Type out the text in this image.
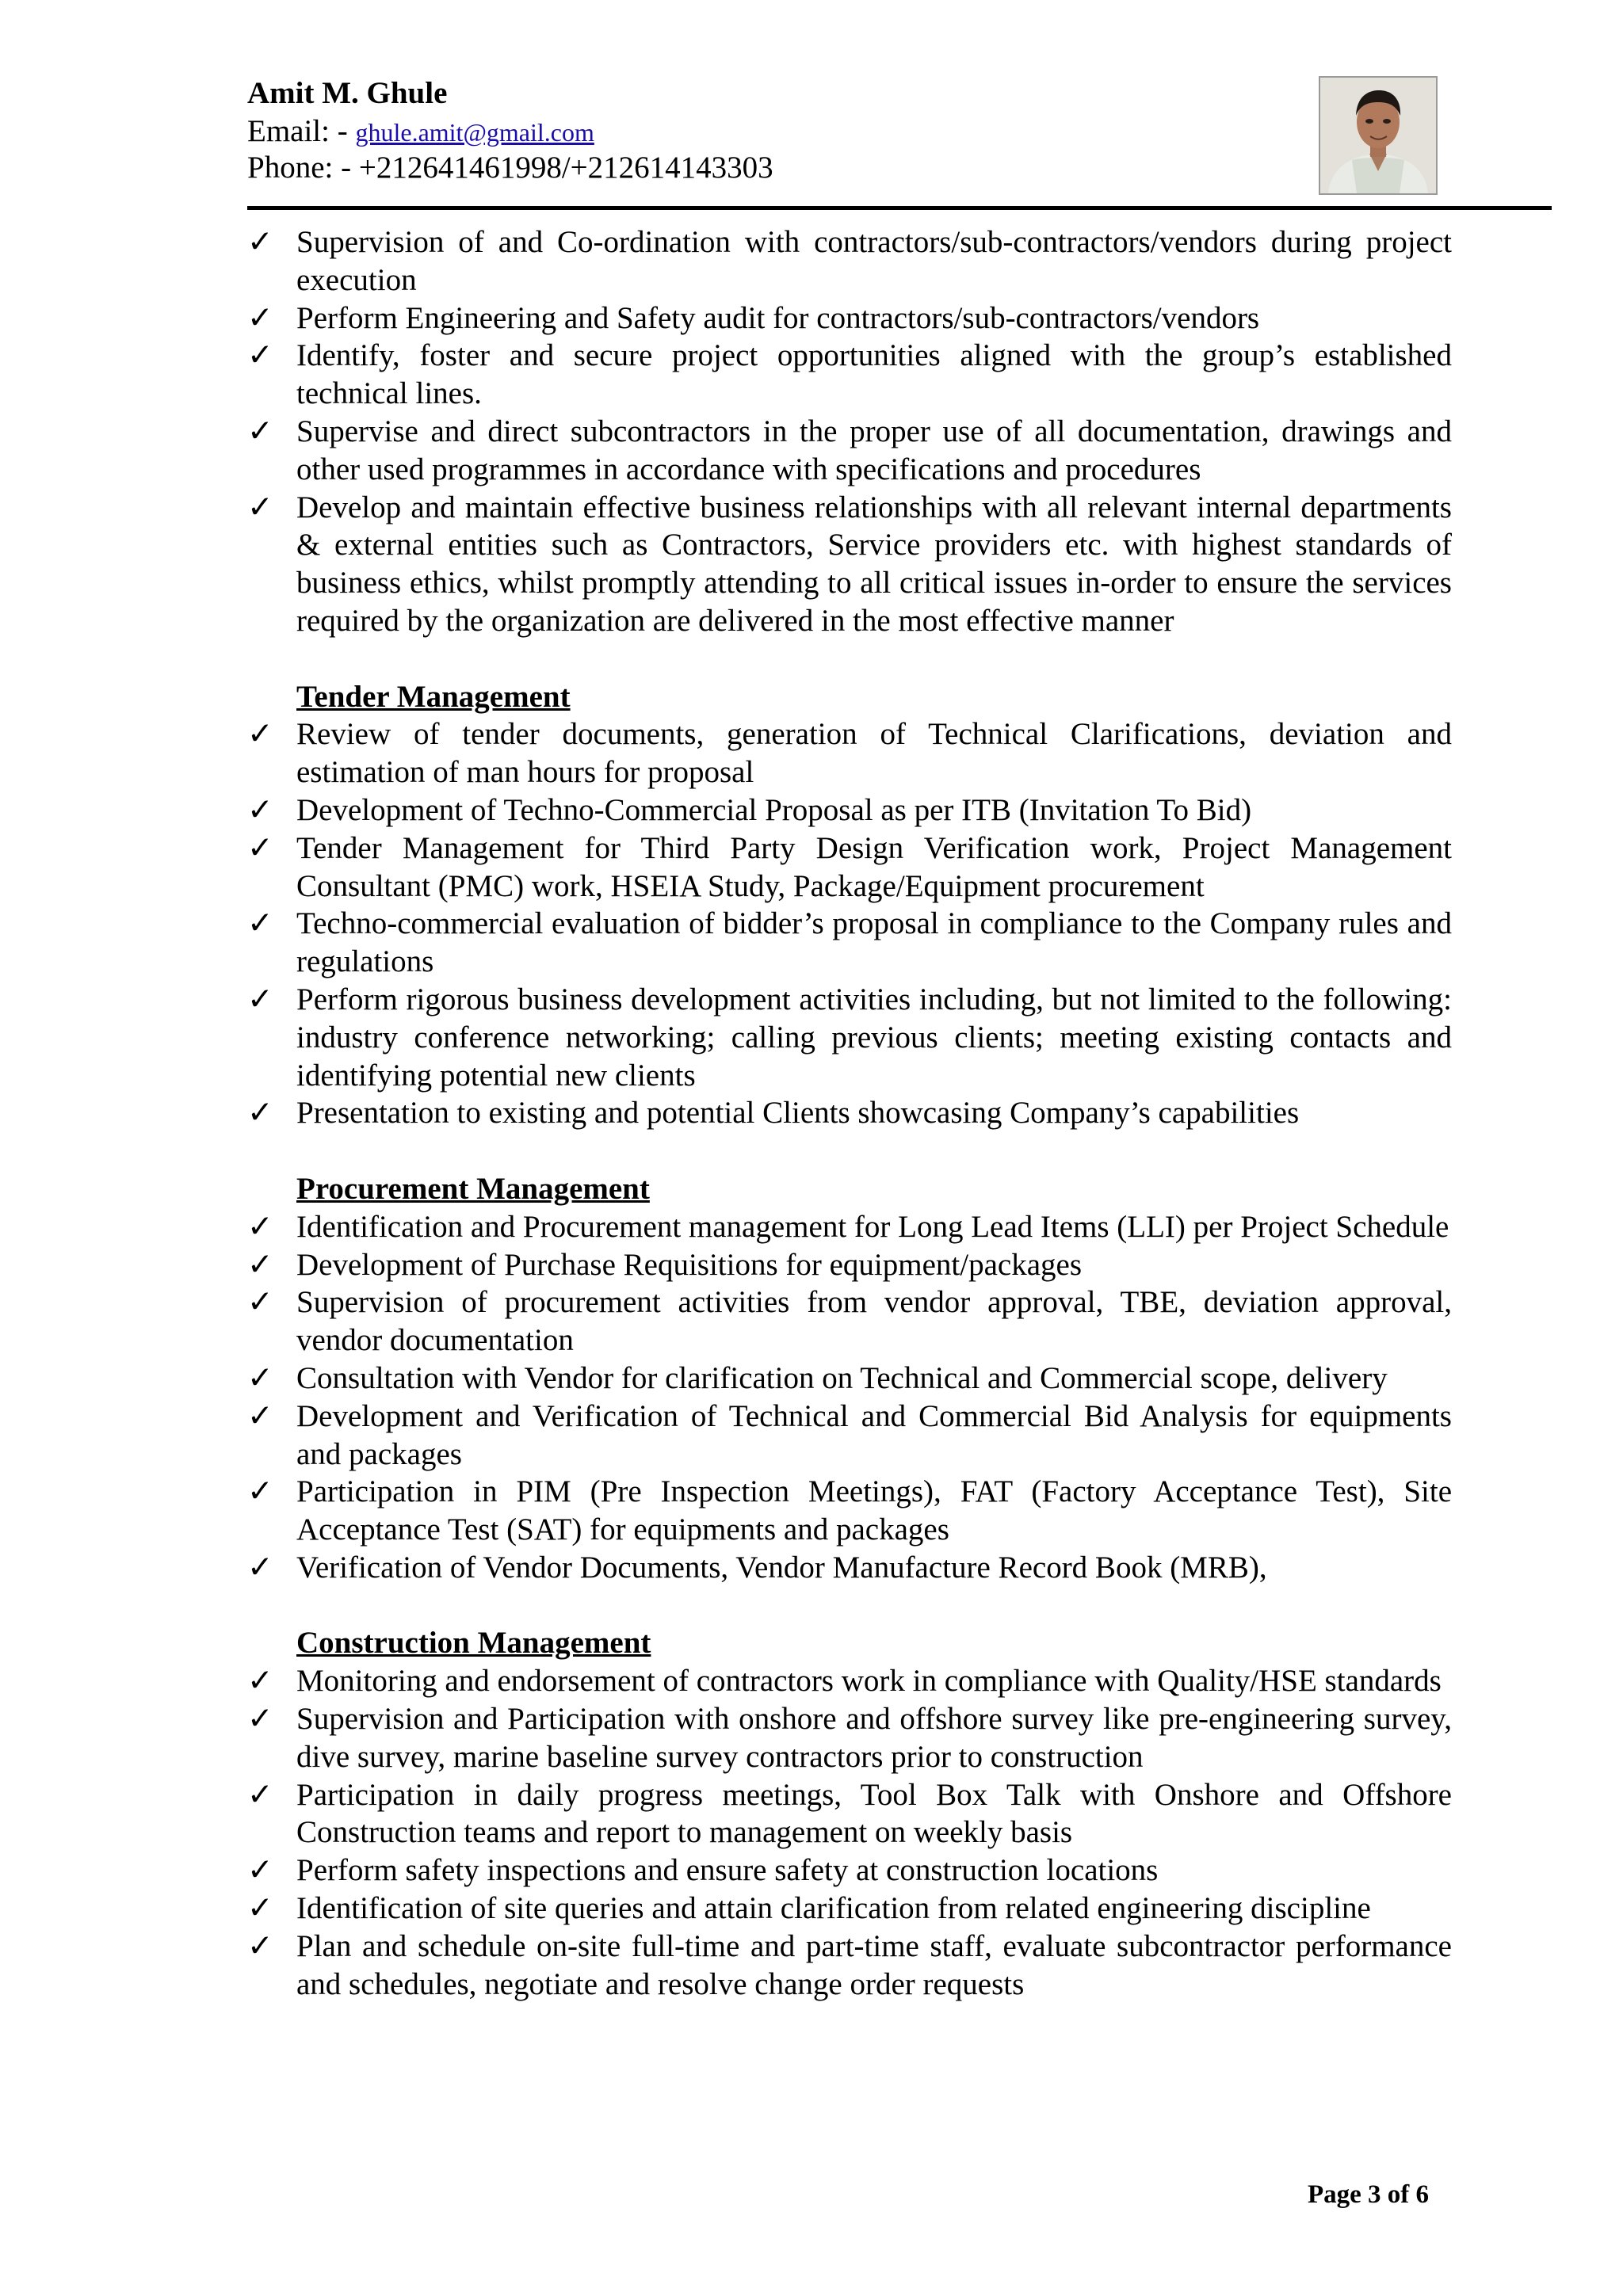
Amit M. Ghule
Email: - ghule.amit@gmail.com
Phone: - +212641461998/+212614143303
✓ Supervision of and Co-ordination with contractors/sub-contractors/vendors during project execution
✓ Perform Engineering and Safety audit for contractors/sub-contractors/vendors
✓ Identify, foster and secure project opportunities aligned with the group’s established technical lines.
✓ Supervise and direct subcontractors in the proper use of all documentation, drawings and other used programmes in accordance with specifications and procedures
✓ Develop and maintain effective business relationships with all relevant internal departments & external entities such as Contractors, Service providers etc. with highest standards of business ethics, whilst promptly attending to all critical issues in-order to ensure the services required by the organization are delivered in the most effective manner
Tender Management
✓ Review of tender documents, generation of Technical Clarifications, deviation and estimation of man hours for proposal
✓ Development of Techno-Commercial Proposal as per ITB (Invitation To Bid)
✓ Tender Management for Third Party Design Verification work, Project Management Consultant (PMC) work, HSEIA Study, Package/Equipment procurement
✓ Techno-commercial evaluation of bidder’s proposal in compliance to the Company rules and regulations
✓ Perform rigorous business development activities including, but not limited to the following: industry conference networking; calling previous clients; meeting existing contacts and identifying potential new clients
✓ Presentation to existing and potential Clients showcasing Company’s capabilities
Procurement Management
✓ Identification and Procurement management for Long Lead Items (LLI) per Project Schedule
✓ Development of Purchase Requisitions for equipment/packages
✓ Supervision of procurement activities from vendor approval, TBE, deviation approval, vendor documentation
✓ Consultation with Vendor for clarification on Technical and Commercial scope, delivery
✓ Development and Verification of Technical and Commercial Bid Analysis for equipments and packages
✓ Participation in PIM (Pre Inspection Meetings), FAT (Factory Acceptance Test), Site Acceptance Test (SAT) for equipments and packages
✓ Verification of Vendor Documents, Vendor Manufacture Record Book (MRB),
Construction Management
✓ Monitoring and endorsement of contractors work in compliance with Quality/HSE standards
✓ Supervision and Participation with onshore and offshore survey like pre-engineering survey, dive survey, marine baseline survey contractors prior to construction
✓ Participation in daily progress meetings, Tool Box Talk with Onshore and Offshore Construction teams and report to management on weekly basis
✓ Perform safety inspections and ensure safety at construction locations
✓ Identification of site queries and attain clarification from related engineering discipline
✓ Plan and schedule on-site full-time and part-time staff, evaluate subcontractor performance and schedules, negotiate and resolve change order requests
Page 3 of 6
